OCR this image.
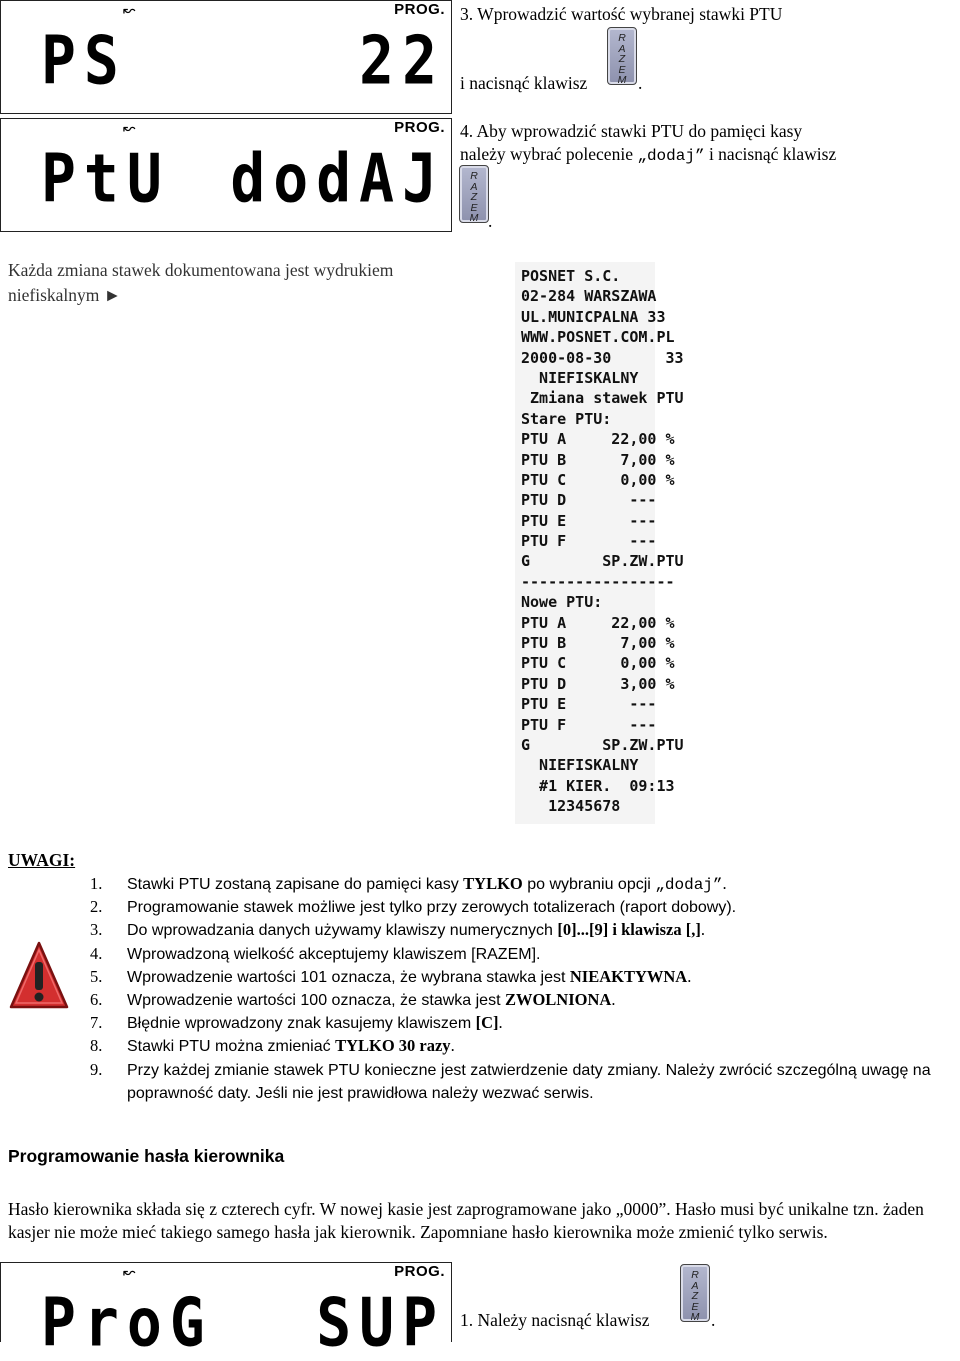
↜	PROG.
PS	22
3. Wprowadzić wartość wybranej stawki PTU
i nacisnąć klawisz
R
A
Z
E
M .
↜	PROG.
PtU dodAJ
4. Aby wprowadzić stawki PTU do pamięci kasy
należy wybrać polecenie „dodaj” i nacisnąć klawisz
R
A
Z
E
M .
Każda zmiana stawek dokumentowana jest wydrukiem
niefiskalnym ►
POSNET S.C.
02-284 WARSZAWA
UL.MUNICPALNA 33
WWW.POSNET.COM.PL
2000-08-30      33
NIEFISKALNY
Zmiana stawek PTU
Stare PTU:
PTU A     22,00 %
PTU B      7,00 %
PTU C      0,00 %
PTU D       ---
PTU E       ---
PTU F       ---
G        SP.ZW.PTU
-----------------
Nowe PTU:
PTU A     22,00 %
PTU B      7,00 %
PTU C      0,00 %
PTU D      3,00 %
PTU E       ---
PTU F       ---
G        SP.ZW.PTU
NIEFISKALNY
#1 KIER.  09:13
12345678
UWAGI:
1. Stawki PTU zostaną zapisane do pamięci kasy TYLKO po wybraniu opcji „dodaj”.
2. Programowanie stawek możliwe jest tylko przy zerowych totalizerach (raport dobowy).
3. Do wprowadzania danych używamy klawiszy numerycznych [0]...[9] i klawisza [,].
4. Wprowadzoną wielkość akceptujemy klawiszem [RAZEM].
5. Wprowadzenie wartości 101 oznacza, że wybrana stawka jest NIEAKTYWNA.
6. Wprowadzenie wartości 100 oznacza, że stawka jest ZWOLNIONA.
7. Błędnie wprowadzony znak kasujemy klawiszem [C].
8. Stawki PTU można zmieniać TYLKO 30 razy.
9. Przy każdej zmianie stawek PTU konieczne jest zatwierdzenie daty zmiany. Należy zwrócić szczególną uwagę na poprawność daty. Jeśli nie jest prawidłowa należy wezwać serwis.
Programowanie hasła kierownika
Hasło kierownika składa się z czterech cyfr. W nowej kasie jest zaprogramowane jako „0000”. Hasło musi być unikalne tzn. żaden kasjer nie może mieć takiego samego hasła jak kierownik. Zapomniane hasło kierownika może zmienić tylko serwis.
↜	PROG.
ProG SUP 1. Należy nacisnąć klawisz
R
A
Z
E
M .
